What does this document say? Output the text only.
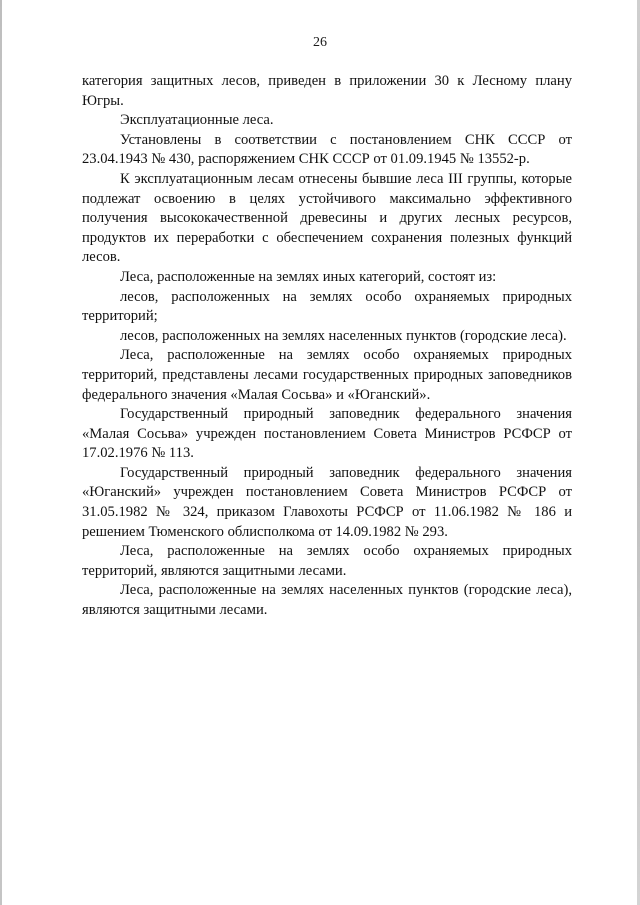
26

категория защитных лесов, приведен в приложении 30 к Лесному плану Югры.

Эксплуатационные леса.

Установлены в соответствии с постановлением СНК СССР от 23.04.1943 № 430, распоряжением СНК СССР от 01.09.1945 № 13552-р.

К эксплуатационным лесам отнесены бывшие леса III группы, которые подлежат освоению в целях устойчивого максимально эффективного получения высококачественной древесины и других лесных ресурсов, продуктов их переработки с обеспечением сохранения полезных функций лесов.

Леса, расположенные на землях иных категорий, состоят из:

лесов, расположенных на землях особо охраняемых природных территорий;

лесов, расположенных на землях населенных пунктов (городские леса).

Леса, расположенные на землях особо охраняемых природных территорий, представлены лесами государственных природных заповедников федерального значения «Малая Сосьва» и «Юганский».

Государственный природный заповедник федерального значения «Малая Сосьва» учрежден постановлением Совета Министров РСФСР от 17.02.1976 № 113.

Государственный природный заповедник федерального значения «Юганский» учрежден постановлением Совета Министров РСФСР от 31.05.1982 № 324, приказом Главохоты РСФСР от 11.06.1982 № 186 и решением Тюменского облисполкома от 14.09.1982 № 293.

Леса, расположенные на землях особо охраняемых природных территорий, являются защитными лесами.

Леса, расположенные на землях населенных пунктов (городские леса), являются защитными лесами.
